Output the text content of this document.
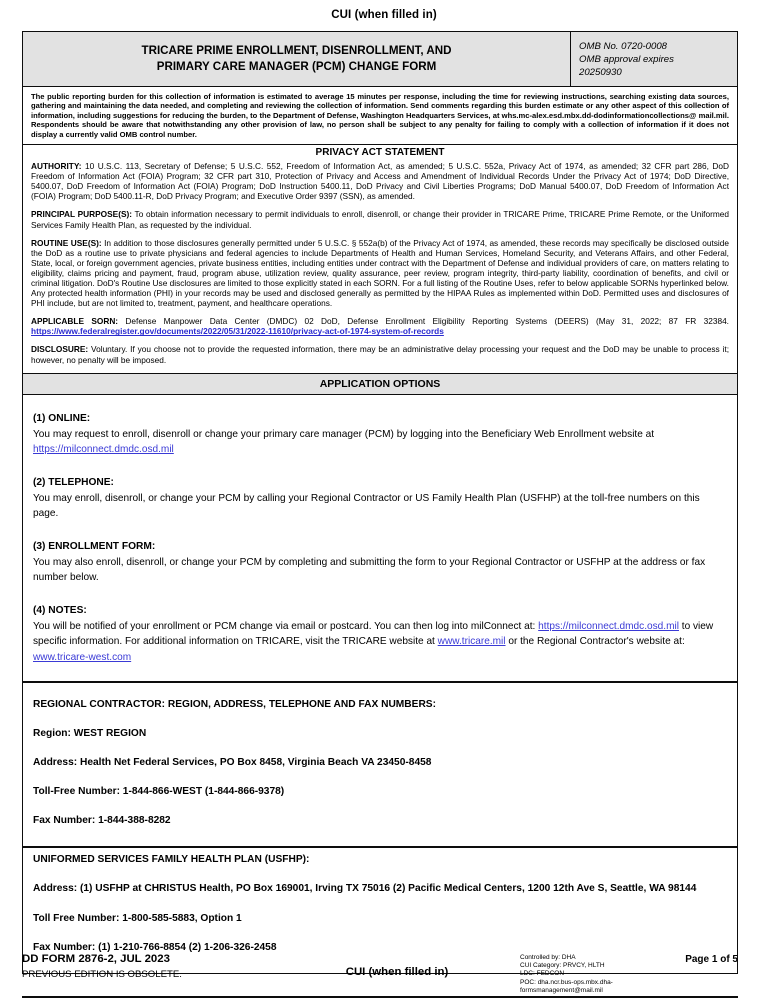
CUI (when filled in)
TRICARE PRIME ENROLLMENT, DISENROLLMENT, AND
PRIMARY CARE MANAGER (PCM) CHANGE FORM
OMB No. 0720-0008
OMB approval expires
20250930
The public reporting burden for this collection of information is estimated to average 15 minutes per response, including the time for reviewing instructions, searching existing data sources, gathering and maintaining the data needed, and completing and reviewing the collection of information. Send comments regarding this burden estimate or any other aspect of this collection of information, including suggestions for reducing the burden, to the Department of Defense, Washington Headquarters Services, at whs.mc-alex.esd.mbx.dd-dodinformationcollections@ mail.mil. Respondents should be aware that notwithstanding any other provision of law, no person shall be subject to any penalty for failing to comply with a collection of information if it does not display a currently valid OMB control number.
PRIVACY ACT STATEMENT

AUTHORITY: 10 U.S.C. 113, Secretary of Defense; 5 U.S.C. 552, Freedom of Information Act, as amended; 5 U.S.C. 552a, Privacy Act of 1974, as amended; 32 CFR part 286, DoD Freedom of Information Act (FOIA) Program; 32 CFR part 310, Protection of Privacy and Access and Amendment of Individual Records Under the Privacy Act of 1974; DoD Directive, 5400.07, DoD Freedom of Information Act (FOIA) Program; DoD Instruction 5400.11, DoD Privacy and Civil Liberties Programs; DoD Manual 5400.07, DoD Freedom of Information Act (FOIA) Program; DoD 5400.11-R, DoD Privacy Program; and Executive Order 9397 (SSN), as amended.

PRINCIPAL PURPOSE(S): To obtain information necessary to permit individuals to enroll, disenroll, or change their provider in TRICARE Prime, TRICARE Prime Remote, or the Uniformed Services Family Health Plan, as requested by the individual.

ROUTINE USE(S): In addition to those disclosures generally permitted under 5 U.S.C. § 552a(b) of the Privacy Act of 1974, as amended, these records may specifically be disclosed outside the DoD as a routine use to private physicians and federal agencies to include Departments of Health and Human Services, Homeland Security, and Veterans Affairs, and other Federal, State, local, or foreign government agencies, private business entities, including entities under contract with the Department of Defense and individual providers of care, on matters relating to eligibility, claims pricing and payment, fraud, program abuse, utilization review, quality assurance, peer review, program integrity, third-party liability, coordination of benefits, and civil or criminal litigation. DoD's Routine Use disclosures are limited to those explicitly stated in each SORN. For a full listing of the Routine Uses, refer to below applicable SORNs hyperlinked below. Any protected health information (PHI) in your records may be used and disclosed generally as permitted by the HIPAA Rules as implemented within DoD. Permitted uses and disclosures of PHI include, but are not limited to, treatment, payment, and healthcare operations.

APPLICABLE SORN: Defense Manpower Data Center (DMDC) 02 DoD, Defense Enrollment Eligibility Reporting Systems (DEERS) (May 31, 2022; 87 FR 32384. https://www.federalregister.gov/documents/2022/05/31/2022-11610/privacy-act-of-1974-system-of-records

DISCLOSURE: Voluntary. If you choose not to provide the requested information, there may be an administrative delay processing your request and the DoD may be unable to process it; however, no penalty will be imposed.

APPLICATION OPTIONS
(1) ONLINE:
You may request to enroll, disenroll or change your primary care manager (PCM) by logging into the Beneficiary Web Enrollment website at https://milconnect.dmdc.osd.mil
(2) TELEPHONE:
You may enroll, disenroll, or change your PCM by calling your Regional Contractor or US Family Health Plan (USFHP) at the toll-free numbers on this page.
(3) ENROLLMENT FORM:
You may also enroll, disenroll, or change your PCM by completing and submitting the form to your Regional Contractor or USFHP at the address or fax number below.
(4) NOTES:
You will be notified of your enrollment or PCM change via email or postcard. You can then log into milConnect at: https://milconnect.dmdc.osd.mil to view specific information. For additional information on TRICARE, visit the TRICARE website at www.tricare.mil or the Regional Contractor's website at: www.tricare-west.com
REGIONAL CONTRACTOR: REGION, ADDRESS, TELEPHONE AND FAX NUMBERS:
Region: WEST REGION
Address: Health Net Federal Services, PO Box 8458, Virginia Beach VA 23450-8458
Toll-Free Number: 1-844-866-WEST (1-844-866-9378)
Fax Number: 1-844-388-8282
UNIFORMED SERVICES FAMILY HEALTH PLAN (USFHP):
Address: (1) USFHP at CHRISTUS Health, PO Box 169001, Irving TX 75016 (2) Pacific Medical Centers, 1200 12th Ave S, Seattle, WA 98144
Toll Free Number: 1-800-585-5883, Option 1
Fax Number: (1) 1-210-766-8854 (2) 1-206-326-2458
DD FORM 2876-2, JUL 2023
PREVIOUS EDITION IS OBSOLETE.	CUI (when filled in)
Controlled by: DHA
CUI Category: PRVCY, HLTH
LDC: FEDCON
POC: dha.ncr.bus-ops.mbx.dha-formsmanagement@mail.mil
Page 1 of 5
